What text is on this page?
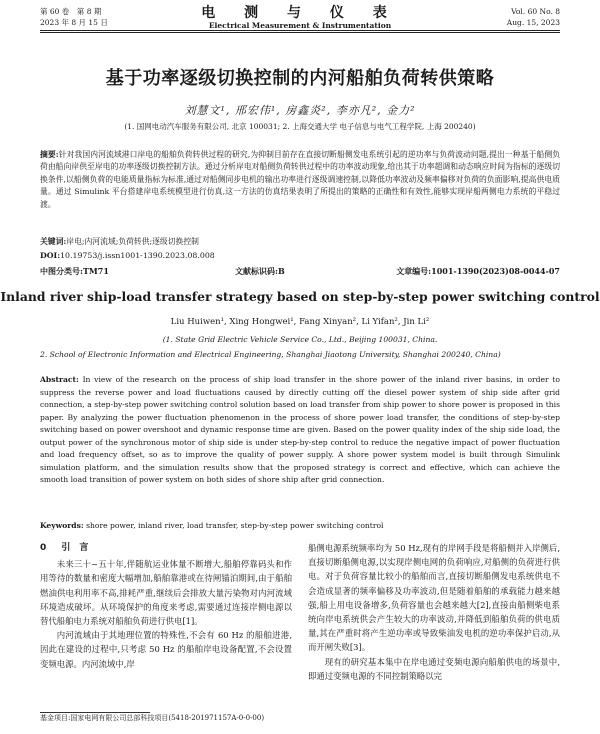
第 60 卷　第 8 期
2023 年 8 月 15 日
电 测 与 仪 表
Electrical Measurement & Instrumentation
Vol. 60 No. 8
Aug. 15, 2023
基于功率逐级切换控制的内河船舶负荷转供策略
刘慧文¹, 邢宏伟¹, 房鑫炎², 李亦凡², 金力²
(1. 国网电动汽车服务有限公司, 北京 100031; 2. 上海交通大学 电子信息与电气工程学院, 上海 200240)
摘要:针对我国内河流域港口岸电的船舶负荷转供过程的研究,为抑制目前存在直接切断船侧发电系统引起的逆功率与负荷波动问题,提出一种基于船侧负荷由船向岸供至岸电的功率逐级切换控制方法。通过分析岸电对船侧负荷转供过程中的功率波动现象,给出其于功率超调和动态响应时间为指标的逐级切换条件,以船侧负荷的电能质量指标为标准,通过对船侧同步电机的输出功率进行逐级调速控制,以降低功率波动及频率偏移对负荷的负面影响,提高供电质量。通过 Simulink 平台搭建岸电系统模型进行仿真,这一方法的仿真结果表明了所提出的策略的正确性和有效性,能够实现岸船两侧电力系统的平稳过渡。
关键词:岸电;内河流域;负荷转供;逐级切换控制
DOI:10.19753/j.issn1001-1390.2023.08.008
中图分类号:TM71	文献标识码:B	文章编号:1001-1390(2023)08-0044-07
Inland river ship-load transfer strategy based on step-by-step power switching control
Liu Huiwen¹, Xing Hongwei¹, Fang Xinyan², Li Yifan², Jin Li²
(1. State Grid Electric Vehicle Service Co., Ltd., Beijing 100031, China.
2. School of Electronic Information and Electrical Engineering, Shanghai Jiaotong University, Shanghai 200240, China)
Abstract: In view of the research on the process of ship load transfer in the shore power of the inland river basins, in order to suppress the reverse power and load fluctuations caused by directly cutting off the diesel power system of ship side after grid connection, a step-by-step power switching control solution based on load transfer from ship power to shore power is proposed in this paper. By analyzing the power fluctuation phenomenon in the process of shore power load transfer, the conditions of step-by-step switching based on power overshoot and dynamic response time are given. Based on the power quality index of the ship side load, the output power of the synchronous motor of ship side is under step-by-step control to reduce the negative impact of power fluctuation and load frequency offset, so as to improve the quality of power supply. A shore power system model is built through Simulink simulation platform, and the simulation results show that the proposed strategy is correct and effective, which can achieve the smooth load transition of power system on both sides of shore ship after grid connection.
Keywords: shore power, inland river, load transfer, step-by-step power switching control
0 引　言

未来三十~五十年,伴随航运业体量不断增大,船舶停靠码头和作用等待的数量和密度大幅增加,船舶靠港或在待闸锚泊期间,由于船舶燃油供电利用率不高,排耗严重,继续后会排放大量污染物对内河流域环境造成破坏。从环境保护的角度来考虑,需要通过连接岸侧电源以替代船舶电力系统对船舶负荷进行供电[1]。

内河流域由于其地理位置的特殊性,不会有 60 Hz 的船舶进港,因此在建设的过程中,只考虑 50 Hz 的船舶岸电设备配置,不会设置变频电源。内河流域中,岸

船侧电源系统频率均为 50 Hz,现有的岸网手段是将船侧并入岸侧后,直接切断船侧电源,以实现岸侧电网的负荷响应,对船侧的负荷进行供电。对于负荷容量比较小的船舶而言,直接切断船侧发电系统供电不会造成显著的频率偏移及功率波动,但是随着船舶的承载能力越来越强,船上用电设备增多,负荷容量也会越来越大[2],直接由船侧柴电系统向岸电系统供会产生较大的功率波动,并降低到船舶负荷的供电质量,其在严重时将产生逆功率或导致柴油发电机的逆功率保护启动,从而开闸失败[3]。

现有的研究基本集中在岸电通过变频电源向船舶供电的场景中,即通过变频电源的不同控制策略以完

基金项目:国家电网有限公司总部科技项目(5418-201971157A-0-0-00)
